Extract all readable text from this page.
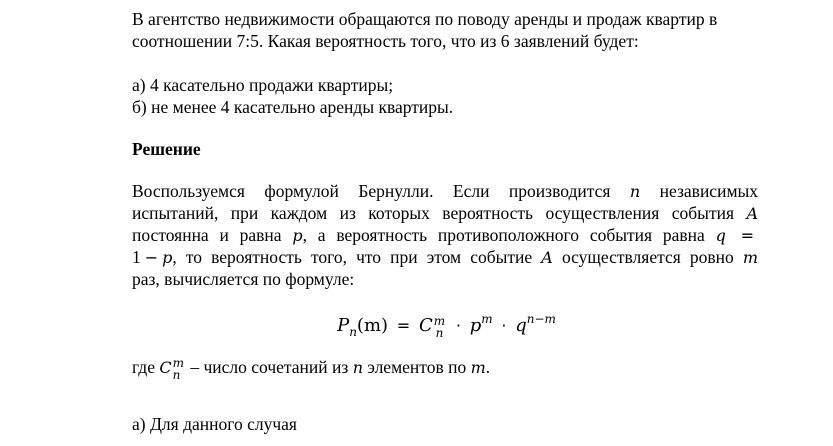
В агентство недвижимости обращаются по поводу аренды и продаж квартир в
соотношении 7:5. Какая вероятность того, что из 6 заявлений будет:
а) 4 касательно продажи квартиры;
б) не менее 4 касательно аренды квартиры.
Решение
Воспользуемся формулой Бернулли. Если производится n независимых
испытаний, при каждом из которых вероятность осуществления события A
постоянна и равна p, а вероятность противоположного события равна q =
1 − p, то вероятность того, что при этом событие A осуществляется ровно m
раз, вычисляется по формуле:
$P_n(m) = C$ m
$n \cdot p^m \cdot q^{n-m}$
где C m
n – число сочетаний из n элементов по m.
а) Для данного случая
